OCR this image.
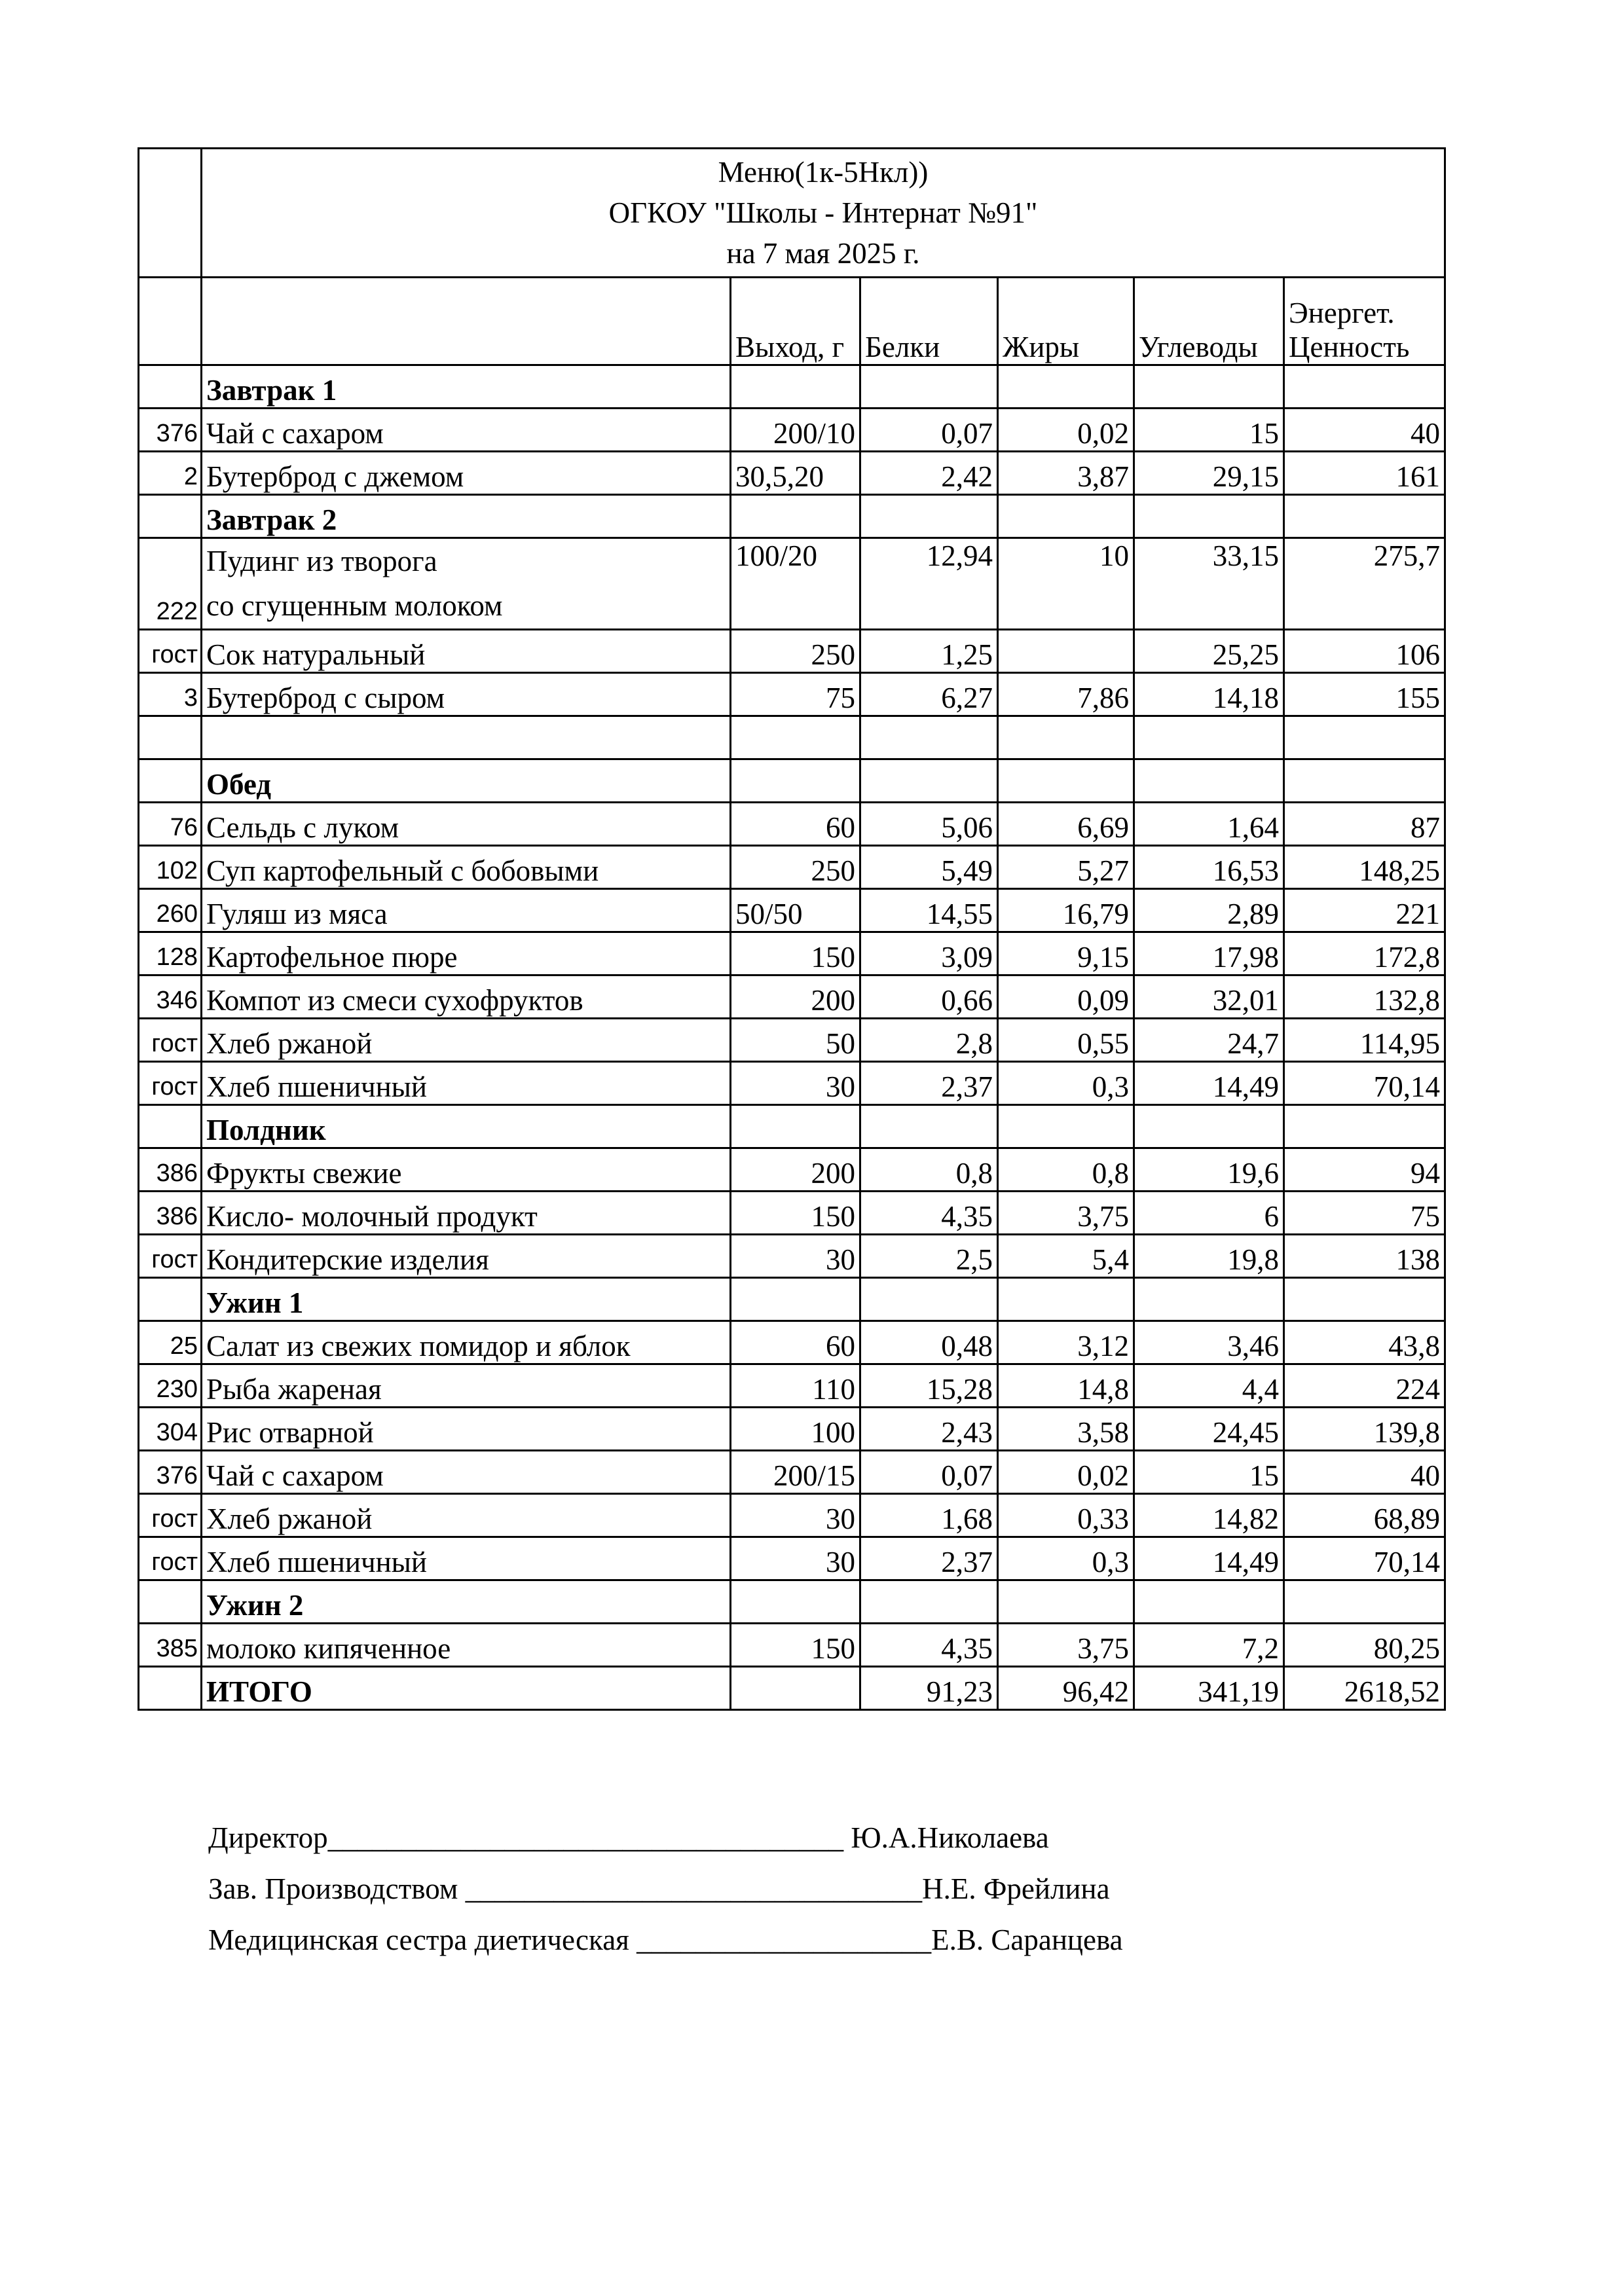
	Меню(1к-5Нкл))
ОГКОУ "Школы - Интернат №91"
на 7 мая 2025 г.					

		Выход, г	Белки	Жиры	Углеводы	Энергет.
Ценность

	Завтрак 1					
376	Чай с сахаром	200/10	0,07	0,02	15	40
2	Бутерброд с джемом	30,5,20	2,42	3,87	29,15	161
	Завтрак 2					
222	Пудинг из творога
со сгущенным молоком	100/20	12,94	10	33,15	275,7
гост	Сок натуральный	250	1,25		25,25	106
3	Бутерброд с сыром	75	6,27	7,86	14,18	155

	Обед					
76	Сельдь с луком	60	5,06	6,69	1,64	87
102	Суп картофельный с бобовыми	250	5,49	5,27	16,53	148,25
260	Гуляш из мяса	50/50	14,55	16,79	2,89	221
128	Картофельное пюре	150	3,09	9,15	17,98	172,8
346	Компот из смеси сухофруктов	200	0,66	0,09	32,01	132,8
гост	Хлеб ржаной	50	2,8	0,55	24,7	114,95
гост	Хлеб пшеничный	30	2,37	0,3	14,49	70,14
	Полдник					
386	Фрукты свежие	200	0,8	0,8	19,6	94
386	Кисло- молочный продукт	150	4,35	3,75	6	75
гост	Кондитерские изделия	30	2,5	5,4	19,8	138
	Ужин 1					
25	Салат из свежих помидор и яблок	60	0,48	3,12	3,46	43,8
230	Рыба жареная	110	15,28	14,8	4,4	224
304	Рис отварной	100	2,43	3,58	24,45	139,8
376	Чай с сахаром	200/15	0,07	0,02	15	40
гост	Хлеб ржаной	30	1,68	0,33	14,82	68,89
гост	Хлеб пшеничный	30	2,37	0,3	14,49	70,14
	Ужин 2					
385	молоко кипяченное	150	4,35	3,75	7,2	80,25
	ИТОГО		91,23	96,42	341,19	2618,52
Директор___________________________________ Ю.А.Николаева
Зав. Производством _______________________________Н.Е. Фрейлина
Медицинская сестра диетическая ____________________Е.В. Саранцева
